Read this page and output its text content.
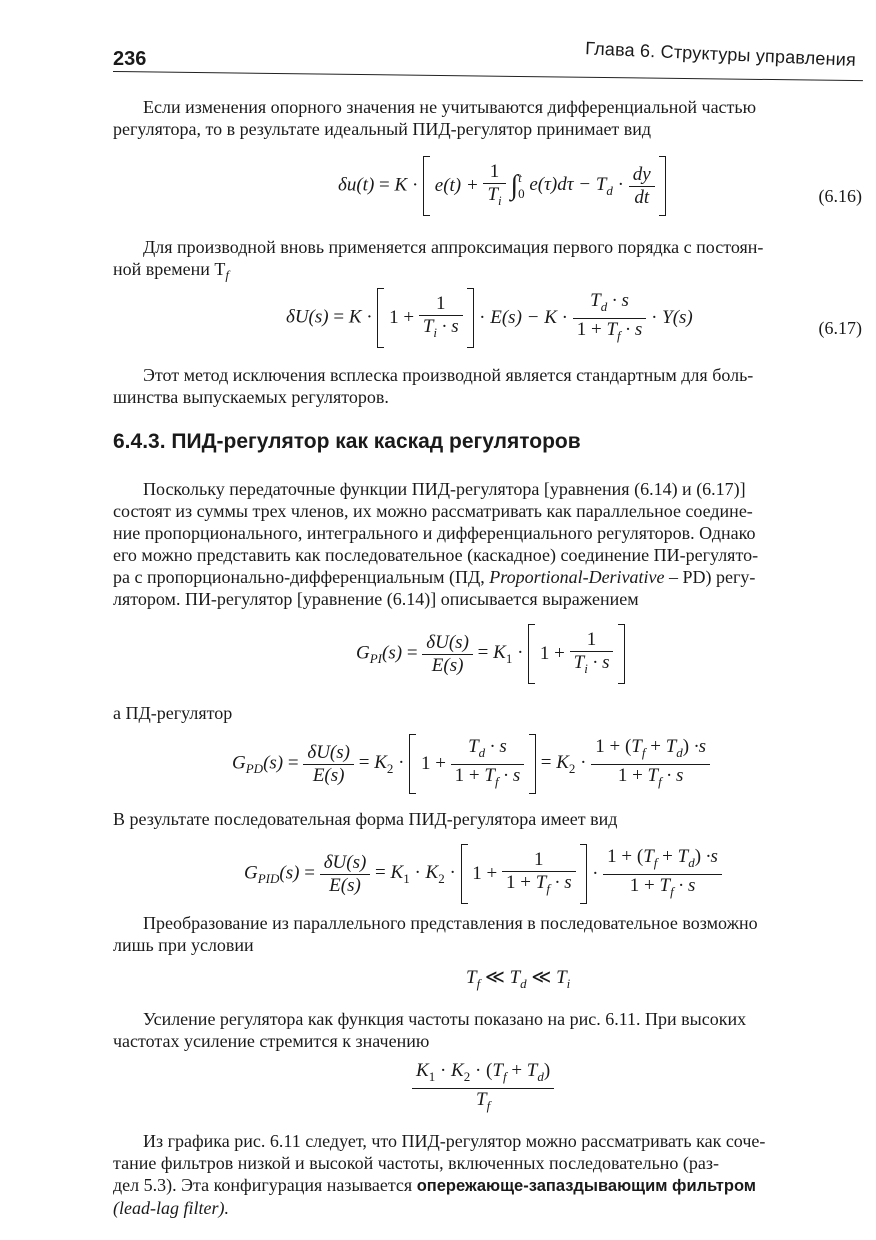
236	Глава 6. Структуры управления
Если изменения опорного значения не учитываются дифференциальной частью
регулятора, то в результате идеальный ПИД-регулятор принимает вид
$\delta u(t) = K \cdot e(t) + \frac{1}{T_i}$ ∫ t
0 $e(\tau)d\tau - T_d \cdot \frac{dy}{dt}$
	(6.16)
Для производной вновь применяется аппроксимация первого порядка с постоян-
ной времени $T_f$
$\delta U(s) = K \cdot 1 + \frac{1}{T_i \cdot s} \cdot E(s) - K \cdot \frac{T_d \cdot s}{1 + T_f \cdot s} \cdot Y(s)$	(6.17)
Этот метод исключения всплеска производной является стандартным для боль-
шинства выпускаемых регуляторов.
6.4.3. ПИД-регулятор как каскад регуляторов
Поскольку передаточные функции ПИД-регулятора [уравнения (6.14) и (6.17)]
состоят из суммы трех членов, их можно рассматривать как параллельное соедине-
ние пропорционального, интегрального и дифференциального регуляторов. Однако
его можно представить как последовательное (каскадное) соединение ПИ-регулято-
ра с пропорционально-дифференциальным (ПД, Proportional-Derivative – PD) регу-
лятором. ПИ-регулятор [уравнение (6.14)] описывается выражением
$G_{PI}(s) = \frac{\delta U(s)}{E(s)} = K_1 \cdot 1 + \frac{1}{T_i \cdot s}$

а ПД-регулятор
$G_{PD}(s) = \frac{\delta U(s)}{E(s)} = K_2 \cdot 1 + \frac{T_d \cdot s}{1 + T_f \cdot s} = K_2 \cdot \frac{1 + (T_f + T_d) \cdot s}{1 + T_f \cdot s}$
В результате последовательная форма ПИД-регулятора имеет вид
$G_{PID}(s) = \frac{\delta U(s)}{E(s)} = K_1 \cdot K_2 \cdot 1 + \frac{1}{1 + T_f \cdot s} \cdot \frac{1 + (T_f + T_d) \cdot s}{1 + T_f \cdot s}$
Преобразование из параллельного представления в последовательное возможно
лишь при условии
$T_f$ ≪ $T_d$ ≪ $T_i$
Усиление регулятора как функция частоты показано на рис. 6.11. При высоких
частотах усиление стремится к значению
$\frac{K_1 \cdot K_2 \cdot (T_f + T_d)}{T_f}$
Из графика рис. 6.11 следует, что ПИД-регулятор можно рассматривать как соче-
тание фильтров низкой и высокой частоты, включенных последовательно (раз-
дел 5.3). Эта конфигурация называется опережающе-запаздывающим фильтром
(lead-lag filter).
